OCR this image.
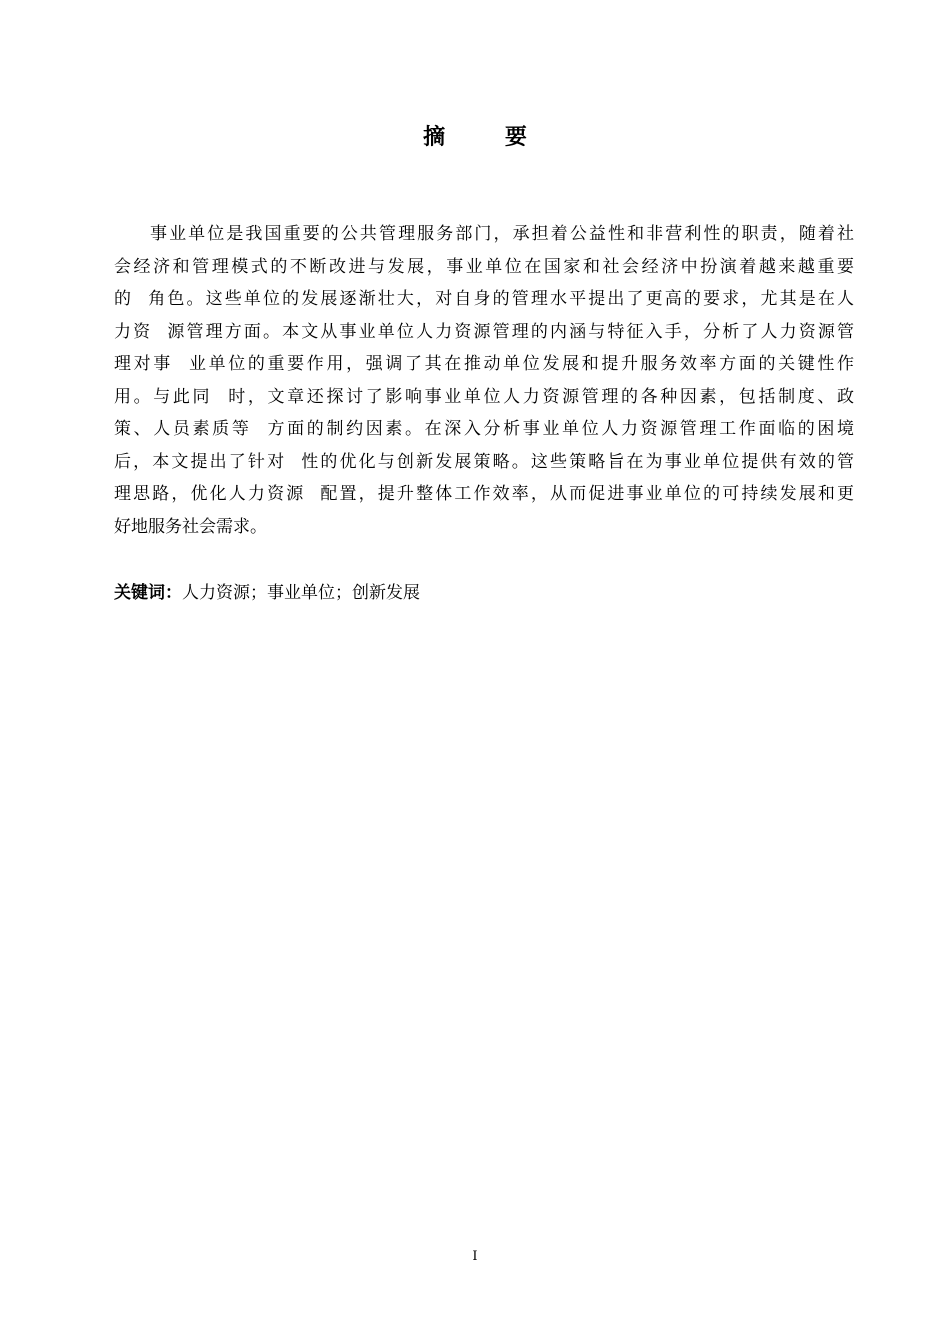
摘 要
事业单位是我国重要的公共管理服务部门，承担着公益性和非营利性的职责，随着社
会经济和管理模式的不断改进与发展，事业单位在国家和社会经济中扮演着越来越重要
的  角色。这些单位的发展逐渐壮大，对自身的管理水平提出了更高的要求，尤其是在人
力资  源管理方面。本文从事业单位人力资源管理的内涵与特征入手，分析了人力资源管
理对事  业单位的重要作用，强调了其在推动单位发展和提升服务效率方面的关键性作
用。与此同  时，文章还探讨了影响事业单位人力资源管理的各种因素，包括制度、政
策、人员素质等  方面的制约因素。在深入分析事业单位人力资源管理工作面临的困境
后，本文提出了针对  性的优化与创新发展策略。这些策略旨在为事业单位提供有效的管
理思路，优化人力资源  配置，提升整体工作效率，从而促进事业单位的可持续发展和更
好地服务社会需求。
关键词：人力资源；事业单位；创新发展
I
